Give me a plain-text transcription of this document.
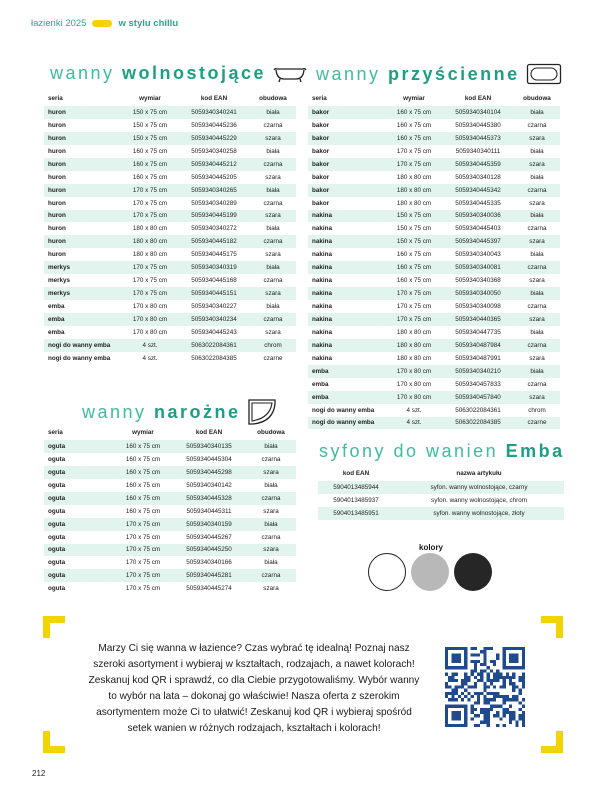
łazienki 2025	w stylu chillu
wanny wolnostojące
seria	wymiar	kod EAN	obudowa
huron	150 x 75 cm	5059340340241	biała
huron	150 x 75 cm	5059340445236	czarna
huron	150 x 75 cm	5059340445229	szara
huron	160 x 75 cm	5059340340258	biała
huron	160 x 75 cm	5059340445212	czarna
huron	160 x 75 cm	5059340445205	szara
huron	170 x 75 cm	5059340340265	biała
huron	170 x 75 cm	5059340340289	czarna
huron	170 x 75 cm	5059340445199	szara
huron	180 x 80 cm	5059340340272	biała
huron	180 x 80 cm	5059340445182	czarna
huron	180 x 80 cm	5059340445175	szara
merkys	170 x 75 cm	5059340340319	biała
merkys	170 x 75 cm	5059340445168	czarna
merkys	170 x 75 cm	5059340445151	szara
emba	170 x 80 cm	5059340340227	biała
emba	170 x 80 cm	5059340340234	czarna
emba	170 x 80 cm	5059340445243	szara
nogi do wanny emba	4 szt.	5063022084361	chrom
nogi do wanny emba	4 szt.	5063022084385	czarne
wanny przyścienne
seria	wymiar	kod EAN	obudowa
bakor	160 x 75 cm	5059340340104	biała
bakor	160 x 75 cm	5059340445380	czarna
bakor	160 x 75 cm	5059340445373	szara
bakor	170 x 75 cm	5059340340111	biała
bakor	170 x 75 cm	5059340445359	szara
bakor	180 x 80 cm	5059340340128	biała
bakor	180 x 80 cm	5059340445342	czarna
bakor	180 x 80 cm	5059340445335	szara
nakina	150 x 75 cm	5059340340036	biała
nakina	150 x 75 cm	5059340445403	czarna
nakina	150 x 75 cm	5059340445397	szara
nakina	160 x 75 cm	5059340340043	biała
nakina	160 x 75 cm	5059340340081	czarna
nakina	160 x 75 cm	5059340340368	szara
nakina	170 x 75 cm	5059340340050	biała
nakina	170 x 75 cm	5059340340098	czarna
nakina	170 x 75 cm	5059340440365	szara
nakina	180 x 80 cm	5059340447735	biała
nakina	180 x 80 cm	5059340487984	czarna
nakina	180 x 80 cm	5059340487991	szara
emba	170 x 80 cm	5059340340210	biała
emba	170 x 80 cm	5059340457833	czarna
emba	170 x 80 cm	5059340457840	szara
nogi do wanny emba	4 szt.	5063022084361	chrom
nogi do wanny emba	4 szt.	5063022084385	czarne
wanny narożne
seria	wymiar	kod EAN	obudowa
oguta	160 x 75 cm	5059340340135	biała
oguta	160 x 75 cm	5059340445304	czarna
oguta	160 x 75 cm	5059340445298	szara
oguta	160 x 75 cm	5059340340142	biała
oguta	160 x 75 cm	5059340445328	czarna
oguta	160 x 75 cm	5059340445311	szara
oguta	170 x 75 cm	5059340340159	biała
oguta	170 x 75 cm	5059340445267	czarna
oguta	170 x 75 cm	5059340445250	szara
oguta	170 x 75 cm	5059340340166	biała
oguta	170 x 75 cm	5059340445281	czarna
oguta	170 x 75 cm	5059340445274	szara
syfony do wanien Emba
kod EAN	nazwa artykułu
5904013485944	syfon. wanny wolnostojące, czarny
5904013485937	syfon. wanny wolnostojące, chrom
5904013485951	syfon. wanny wolnostojące, złoty
kolory
Marzy Ci się wanna w łazience? Czas wybrać tę idealną! Poznaj nasz szeroki asortyment i wybieraj w kształtach, rodzajach, a nawet kolorach! Zeskanuj kod QR i sprawdź, co dla Ciebie przygotowaliśmy. Wybór wanny to wybór na lata – dokonaj go właściwie! Nasza oferta z szerokim asortymentem może Ci to ułatwić! Zeskanuj kod QR i wybieraj spośród setek wanien w różnych rodzajach, kształtach i kolorach!
212
